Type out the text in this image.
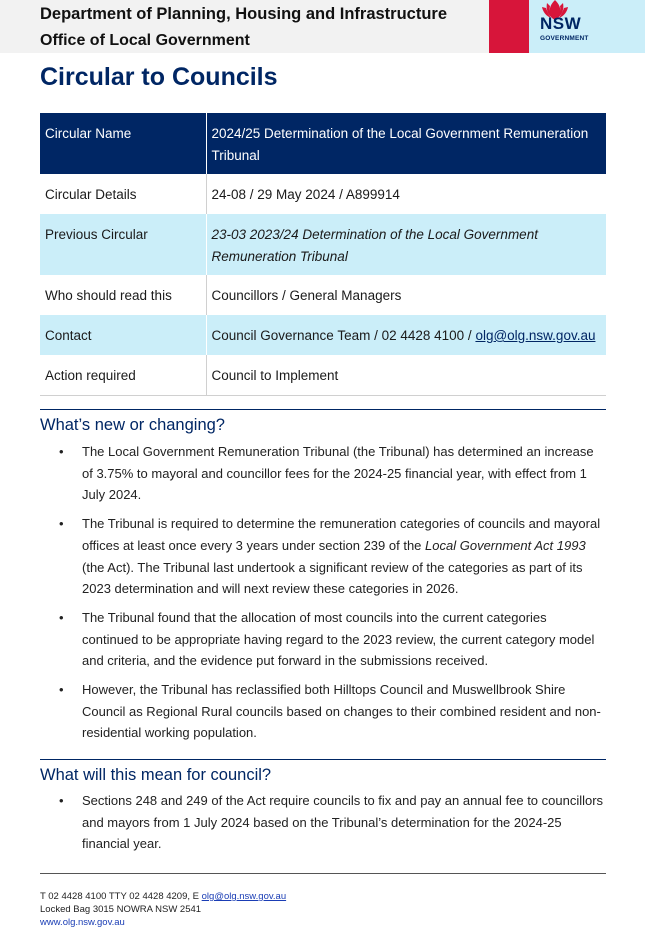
Department of Planning, Housing and Infrastructure
Office of Local Government
NSW
GOVERNMENT
Circular to Councils
Circular Name	2024/25 Determination of the Local Government Remuneration Tribunal
Circular Details	24-08 / 29 May 2024 / A899914
Previous Circular	23-03 2023/24 Determination of the Local Government Remuneration Tribunal
Who should read this	Councillors / General Managers
Contact	Council Governance Team / 02 4428 4100 / olg@olg.nsw.gov.au
Action required	Council to Implement
What’s new or changing?
• The Local Government Remuneration Tribunal (the Tribunal) has determined an increase of 3.75% to mayoral and councillor fees for the 2024-25 financial year, with effect from 1 July 2024.
• The Tribunal is required to determine the remuneration categories of councils and mayoral offices at least once every 3 years under section 239 of the Local Government Act 1993 (the Act). The Tribunal last undertook a significant review of the categories as part of its 2023 determination and will next review these categories in 2026.
• The Tribunal found that the allocation of most councils into the current categories continued to be appropriate having regard to the 2023 review, the current category model and criteria, and the evidence put forward in the submissions received.
• However, the Tribunal has reclassified both Hilltops Council and Muswellbrook Shire Council as Regional Rural councils based on changes to their combined resident and non-residential working population.
What will this mean for council?
• Sections 248 and 249 of the Act require councils to fix and pay an annual fee to councillors and mayors from 1 July 2024 based on the Tribunal’s determination for the 2024-25 financial year.
T 02 4428 4100 TTY 02 4428 4209, E olg@olg.nsw.gov.au
Locked Bag 3015 NOWRA NSW 2541
www.olg.nsw.gov.au
